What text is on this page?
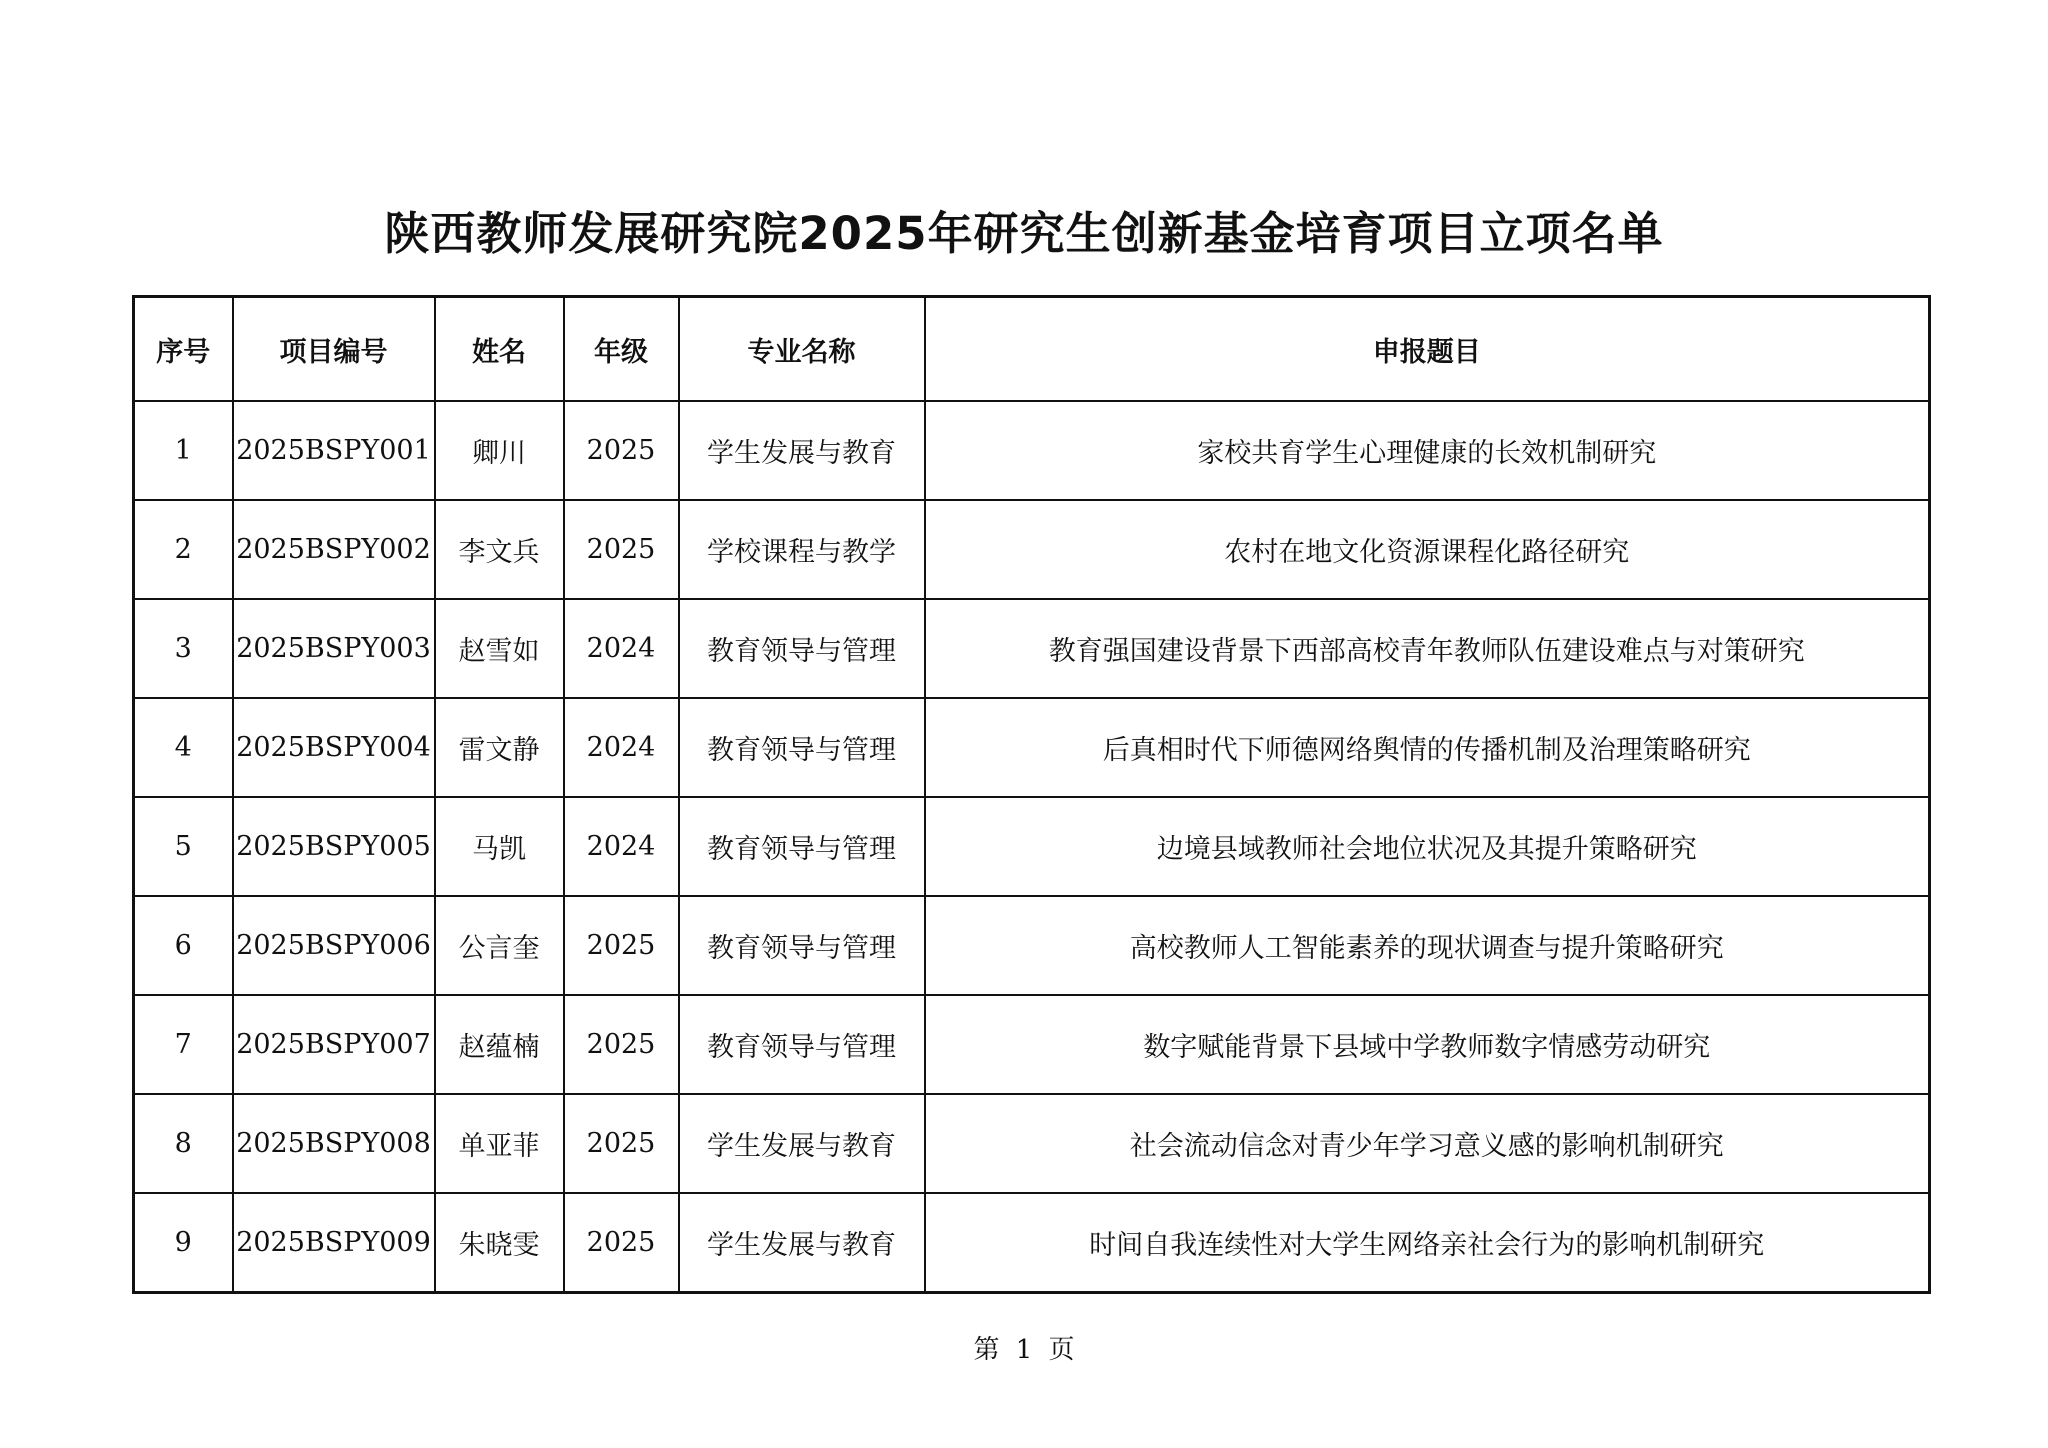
陕西教师发展研究院2025年研究生创新基金培育项目立项名单
序号	项目编号	姓名	年级	专业名称	申报题目
1	2025BSPY001	卿川	2025	学生发展与教育	家校共育学生心理健康的长效机制研究
2	2025BSPY002	李文兵	2025	学校课程与教学	农村在地文化资源课程化路径研究
3	2025BSPY003	赵雪如	2024	教育领导与管理	教育强国建设背景下西部高校青年教师队伍建设难点与对策研究
4	2025BSPY004	雷文静	2024	教育领导与管理	后真相时代下师德网络舆情的传播机制及治理策略研究
5	2025BSPY005	马凯	2024	教育领导与管理	边境县域教师社会地位状况及其提升策略研究
6	2025BSPY006	公言奎	2025	教育领导与管理	高校教师人工智能素养的现状调查与提升策略研究
7	2025BSPY007	赵蕴楠	2025	教育领导与管理	数字赋能背景下县域中学教师数字情感劳动研究
8	2025BSPY008	单亚菲	2025	学生发展与教育	社会流动信念对青少年学习意义感的影响机制研究
9	2025BSPY009	朱晓雯	2025	学生发展与教育	时间自我连续性对大学生网络亲社会行为的影响机制研究
第 1 页
